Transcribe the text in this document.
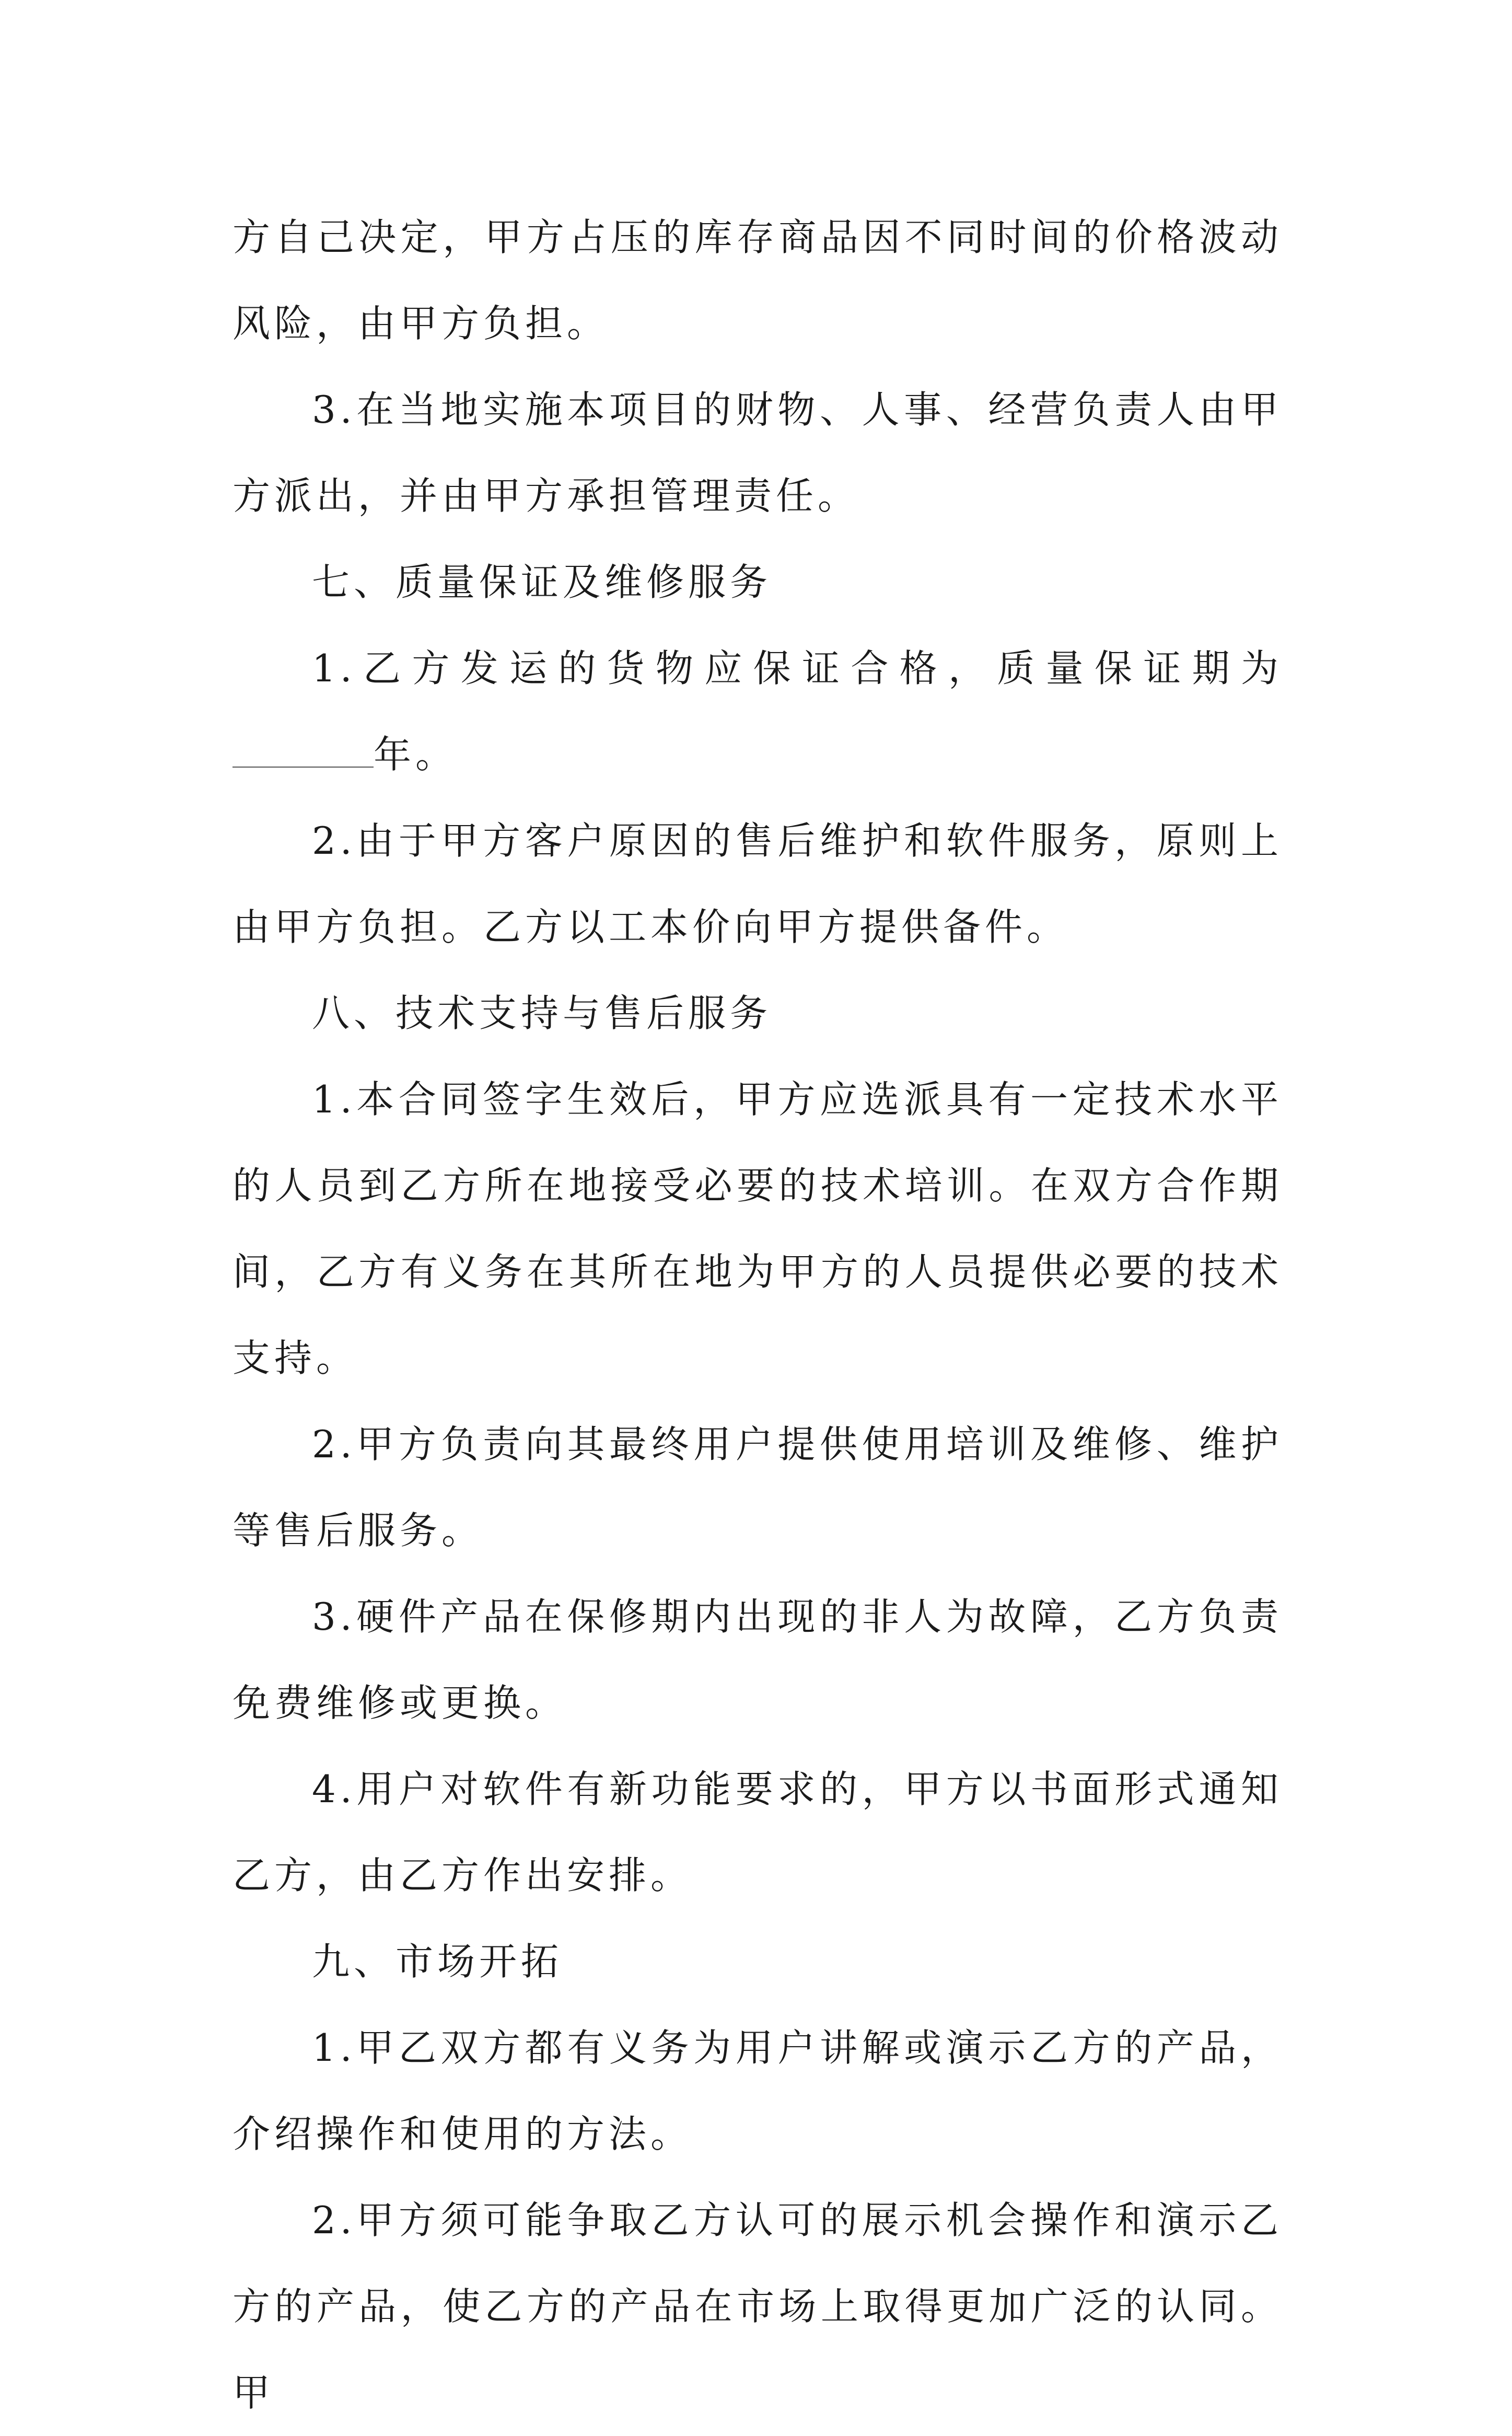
方自己决定，甲方占压的库存商品因不同时间的价格波动风险，由甲方负担。

3.在当地实施本项目的财物、人事、经营负责人由甲方派出，并由甲方承担管理责任。

七、质量保证及维修服务

1.乙方发运的货物应保证合格，质量保证期为年。

2.由于甲方客户原因的售后维护和软件服务，原则上由甲方负担。乙方以工本价向甲方提供备件。

八、技术支持与售后服务

1.本合同签字生效后，甲方应选派具有一定技术水平的人员到乙方所在地接受必要的技术培训。在双方合作期间，乙方有义务在其所在地为甲方的人员提供必要的技术支持。

2.甲方负责向其最终用户提供使用培训及维修、维护等售后服务。

3.硬件产品在保修期内出现的非人为故障，乙方负责免费维修或更换。

4.用户对软件有新功能要求的，甲方以书面形式通知乙方，由乙方作出安排。

九、市场开拓

1.甲乙双方都有义务为用户讲解或演示乙方的产品，介绍操作和使用的方法。

2.甲方须可能争取乙方认可的展示机会操作和演示乙方的产品，使乙方的产品在市场上取得更加广泛的认同。甲
